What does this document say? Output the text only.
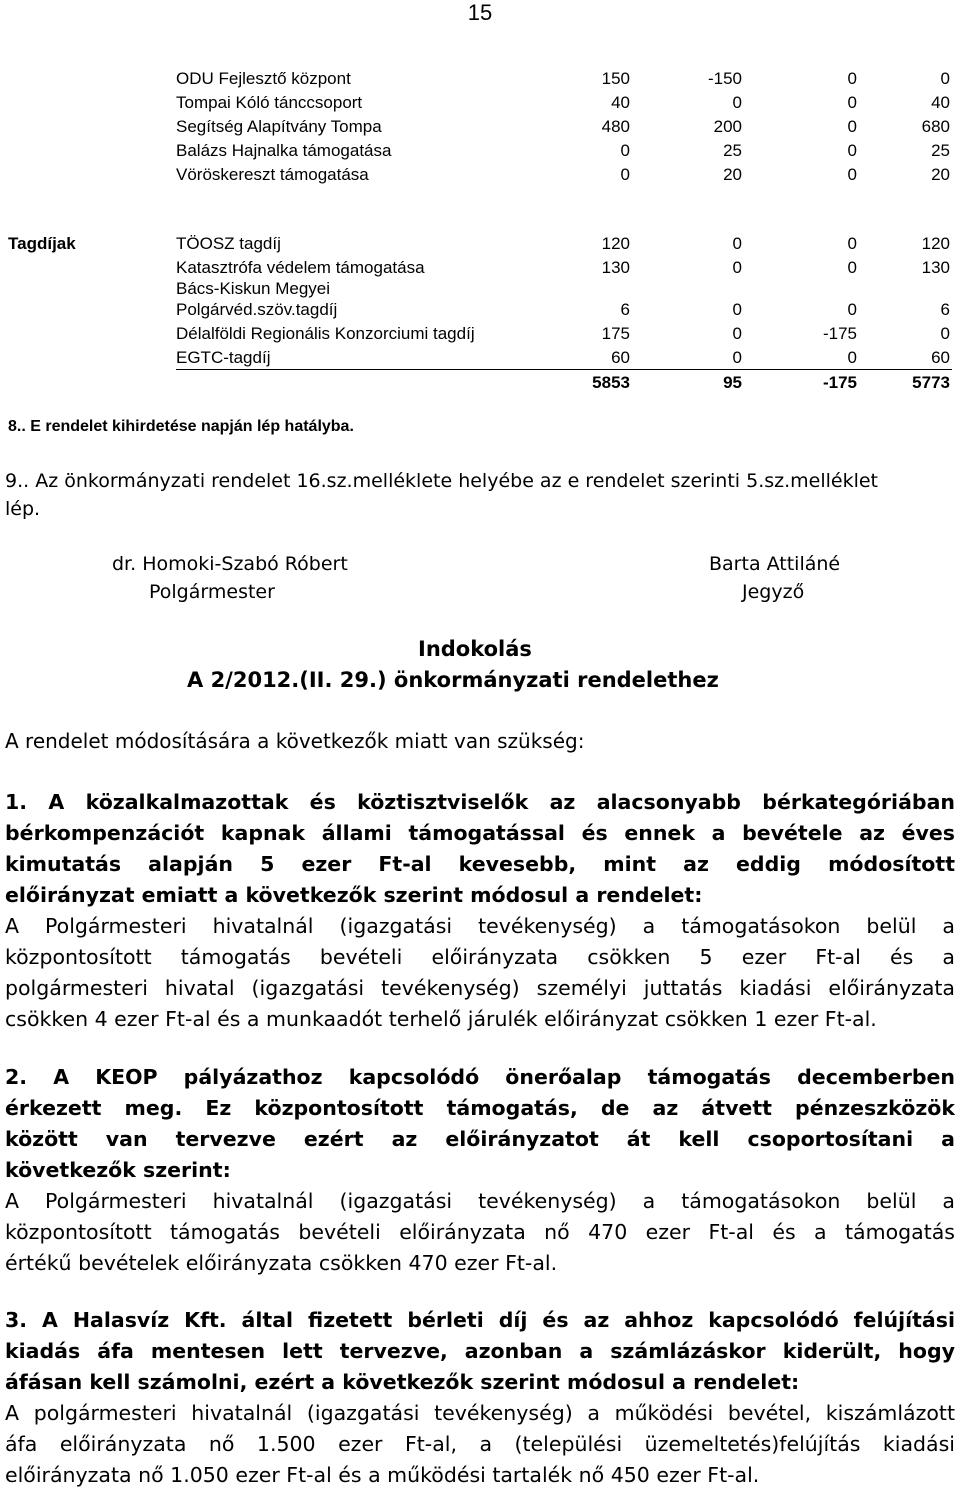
15
ODU Fejlesztő központ	150	-150	0	0
Tompai Kóló tánccsoport	40	0	0	40
Segítség Alapítvány Tompa	480	200	0	680
Balázs Hajnalka támogatása	0	25	0	25
Vöröskereszt támogatása	0	20	0	20
Tagdíjak	TÖOSZ tagdíj	120	0	0	120
Katasztrófa védelem támogatása	130	0	0	130
Bács-Kiskun Megyei
Polgárvéd.szöv.tagdíj	6	0	0	6
Délalföldi Regionális Konzorciumi tagdíj	175	0	-175	0
EGTC-tagdíj	60	0	0	60
5853	95	-175	5773
8.. E rendelet kihirdetése napján lép hatályba.
9.. Az önkormányzati rendelet 16.sz.melléklete helyébe az e rendelet szerinti 5.sz.melléklet
lép.
dr. Homoki-Szabó Róbert
Polgármester
Barta Attiláné
Jegyző
Indokolás
A 2/2012.(II. 29.) önkormányzati rendelethez
A rendelet módosítására a következők miatt van szükség:
1. A közalkalmazottak és köztisztviselők az alacsonyabb bérkategóriában
bérkompenzációt kapnak állami támogatással és ennek a bevétele az éves
kimutatás alapján 5 ezer Ft-al kevesebb, mint az eddig módosított
előirányzat emiatt a következők szerint módosul a rendelet:
A Polgármesteri hivatalnál (igazgatási tevékenység) a támogatásokon belül a
központosított támogatás bevételi előirányzata csökken 5 ezer Ft-al és a
polgármesteri hivatal (igazgatási tevékenység) személyi juttatás kiadási előirányzata
csökken 4 ezer Ft-al és a munkaadót terhelő járulék előirányzat csökken 1 ezer Ft-al.
2. A KEOP pályázathoz kapcsolódó önerőalap támogatás decemberben
érkezett meg. Ez központosított támogatás, de az átvett pénzeszközök
között van tervezve ezért az előirányzatot át kell csoportosítani a
következők szerint:
A Polgármesteri hivatalnál (igazgatási tevékenység) a támogatásokon belül a
központosított támogatás bevételi előirányzata nő 470 ezer Ft-al és a támogatás
értékű bevételek előirányzata csökken 470 ezer Ft-al.
3. A Halasvíz Kft. által fizetett bérleti díj és az ahhoz kapcsolódó felújítási
kiadás áfa mentesen lett tervezve, azonban a számlázáskor kiderült, hogy
áfásan kell számolni, ezért a következők szerint módosul a rendelet:
A polgármesteri hivatalnál (igazgatási tevékenység) a működési bevétel, kiszámlázott
áfa előirányzata nő 1.500 ezer Ft-al, a (települési üzemeltetés)felújítás kiadási
előirányzata nő 1.050 ezer Ft-al és a működési tartalék nő 450 ezer Ft-al.
